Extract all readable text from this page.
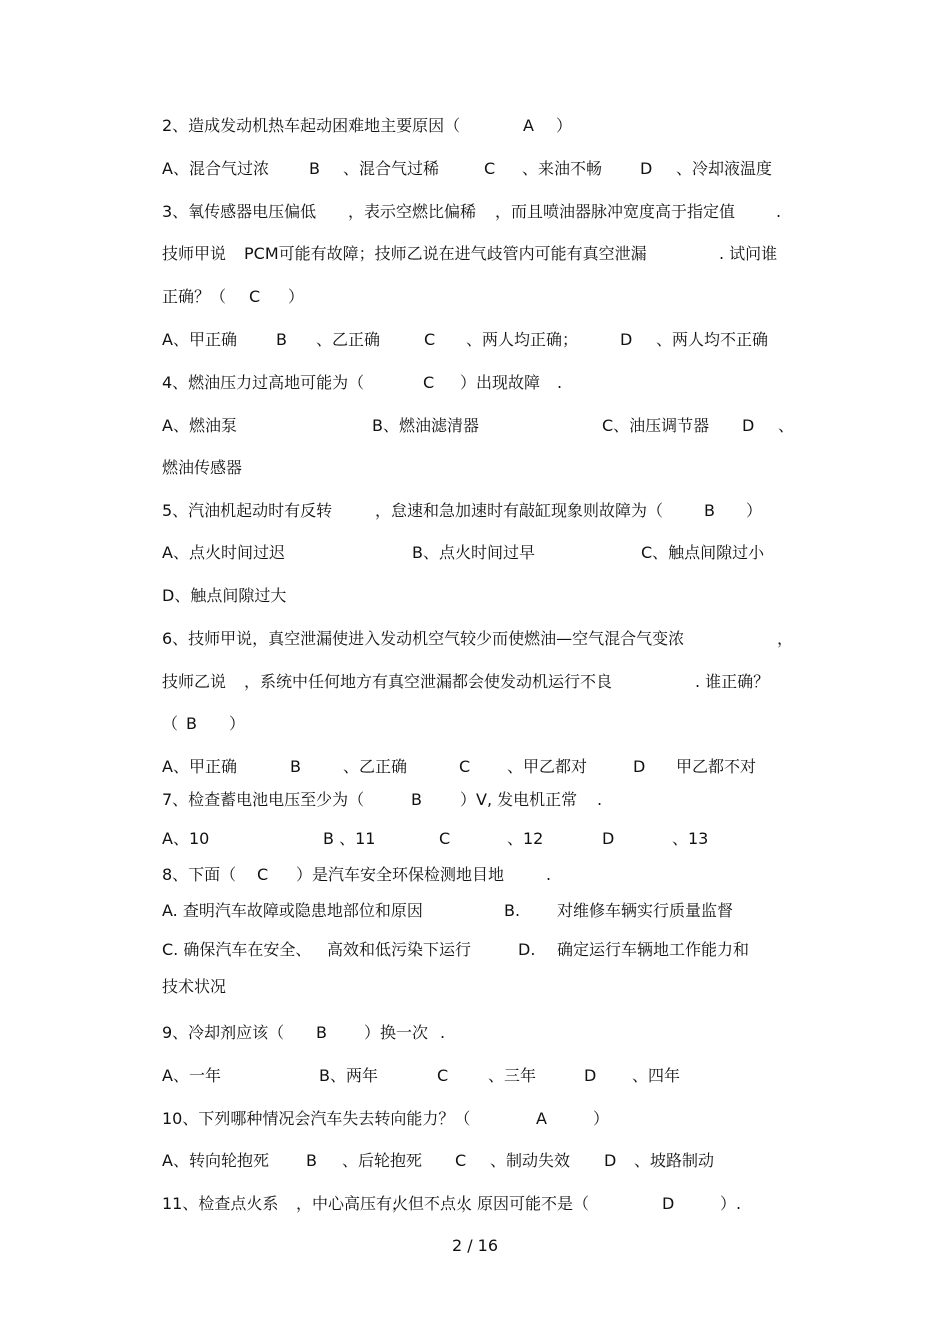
2、造成发动机热车起动困难地主要原因（	A ）
A、混合气过浓	B 、混合气过稀	C 、来油不畅 D 、冷却液温度
3、氧传感器电压偏低 ，表示空燃比偏稀 ，而且喷油器脉冲宽度高于指定值	.
技师甲说 PCM可能有故障；技师乙说在进气歧管内可能有真空泄漏	. 试问谁
正确？（ C ）
A、甲正确 B 、乙正确	C 、两人均正确；	D 、两人均不正确
4、燃油压力过高地可能为（	C ）出现故障 .
A、燃油泵	B、燃油滤清器	C、油压调节器 D 、
燃油传感器
5、汽油机起动时有反转	，怠速和急加速时有敲缸现象则故障为（	B ）
A、点火时间过迟	B、点火时间过早	C、触点间隙过小
D、触点间隙过大
6、技师甲说，真空泄漏使进入发动机空气较少而使燃油—空气混合气变浓	，
技师乙说 ，系统中任何地方有真空泄漏都会使发动机运行不良	. 谁正确？
（ B ）
A、甲正确	B	、乙正确	C 、甲乙都对	D 甲乙都不对
7、检查蓄电池电压至少为（	B ）V, 发电机正常 .
A、10	B 、11	C	、12	D	、13
8、下面（ C ）是汽车安全环保检测地目地	.
A. 查明汽车故障或隐患地部位和原因	B. 对维修车辆实行质量监督
C. 确保汽车在安全、 高效和低污染下运行	D. 确定运行车辆地工作能力和
技术状况
9、冷却剂应该（ B ）换一次 .
A、一年	B、两年	C 、三年	D 、四年
10、下列哪种情况会汽车失去转向能力？（	A	）
A、转向轮抱死 B 、后轮抱死 C 、制动失效 D 、坡路制动
11、检查点火系 ，中心高压有火
，但不点火
，原因可能不是（	D	）.
2 / 16
